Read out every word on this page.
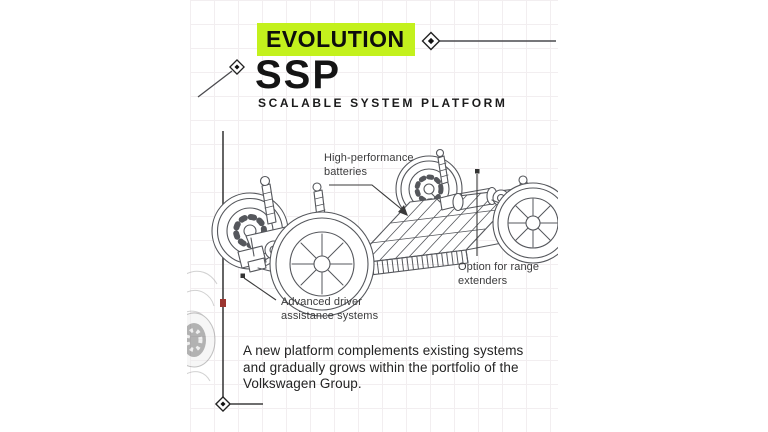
EVOLUTION
SSP
SCALABLE SYSTEM PLATFORM
High-performance
batteries
Option for range
extenders
Advanced driver
assistance systems
A new platform complements existing systems
and gradually grows within the portfolio of the
Volkswagen Group.
